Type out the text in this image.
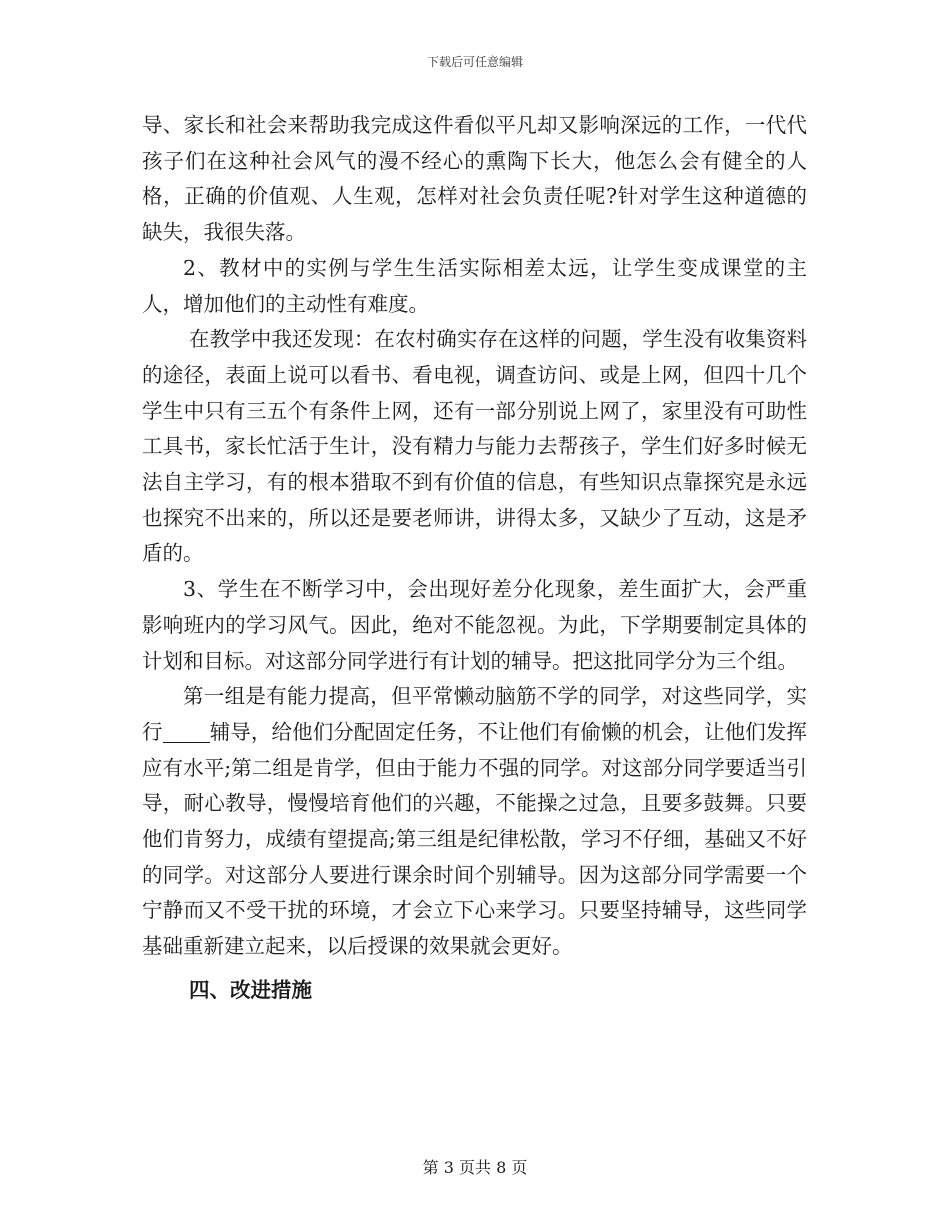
下载后可任意编辑

导、家长和社会来帮助我完成这件看似平凡却又影响深远的工作，一代代孩子们在这种社会风气的漫不经心的熏陶下长大，他怎么会有健全的人格，正确的价值观、人生观，怎样对社会负责任呢?针对学生这种道德的缺失，我很失落。

2、教材中的实例与学生生活实际相差太远，让学生变成课堂的主人，增加他们的主动性有难度。

在教学中我还发现：在农村确实存在这样的问题，学生没有收集资料的途径，表面上说可以看书、看电视，调查访问、或是上网，但四十几个学生中只有三五个有条件上网，还有一部分别说上网了，家里没有可助性工具书，家长忙活于生计，没有精力与能力去帮孩子，学生们好多时候无法自主学习，有的根本猎取不到有价值的信息，有些知识点靠探究是永远也探究不出来的，所以还是要老师讲，讲得太多，又缺少了互动，这是矛盾的。

3、学生在不断学习中，会出现好差分化现象，差生面扩大，会严重影响班内的学习风气。因此，绝对不能忽视。为此，下学期要制定具体的计划和目标。对这部分同学进行有计划的辅导。把这批同学分为三个组。

第一组是有能力提高，但平常懒动脑筋不学的同学，对这些同学，实行 辅导，给他们分配固定任务，不让他们有偷懒的机会，让他们发挥应有水平;第二组是肯学，但由于能力不强的同学。对这部分同学要适当引导，耐心教导，慢慢培育他们的兴趣，不能操之过急，且要多鼓舞。只要他们肯努力，成绩有望提高;第三组是纪律松散，学习不仔细，基础又不好的同学。对这部分人要进行课余时间个别辅导。因为这部分同学需要一个宁静而又不受干扰的环境，才会立下心来学习。只要坚持辅导，这些同学基础重新建立起来，以后授课的效果就会更好。

四、改进措施

第 3 页共 8 页
